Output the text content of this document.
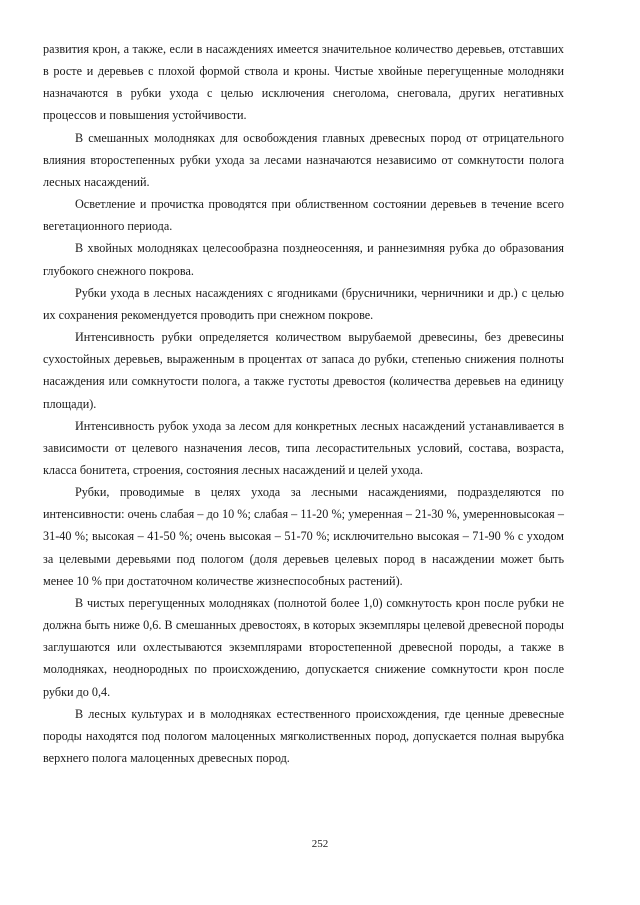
развития крон, а также, если в насаждениях имеется значительное количество деревьев, отставших в росте и деревьев с плохой формой ствола и кроны. Чистые хвойные перегущенные молодняки назначаются в рубки ухода с целью исключения снеголома, снеговала, других негативных процессов и повышения устойчивости.

В смешанных молодняках для освобождения главных древесных пород от отрицательного влияния второстепенных рубки ухода за лесами назначаются независимо от сомкнутости полога лесных насаждений.

Осветление и прочистка проводятся при облиственном состоянии деревьев в течение всего вегетационного периода.

В хвойных молодняках целесообразна позднеосенняя, и раннезимняя рубка до образования глубокого снежного покрова.

Рубки ухода в лесных насаждениях с ягодниками (брусничники, черничники и др.) с целью их сохранения рекомендуется проводить при снежном покрове.

Интенсивность рубки определяется количеством вырубаемой древесины, без древесины сухостойных деревьев, выраженным в процентах от запаса до рубки, степенью снижения полноты насаждения или сомкнутости полога, а также густоты древостоя (количества деревьев на единицу площади).

Интенсивность рубок ухода за лесом для конкретных лесных насаждений устанавливается в зависимости от целевого назначения лесов, типа лесорастительных условий, состава, возраста, класса бонитета, строения, состояния лесных насаждений и целей ухода.

Рубки, проводимые в целях ухода за лесными насаждениями, подразделяются по интенсивности: очень слабая – до 10 %; слабая – 11-20 %; умеренная – 21-30 %, умеренновысокая – 31-40 %; высокая – 41-50 %; очень высокая – 51-70 %; исключительно высокая – 71-90 % с уходом за целевыми деревьями под пологом (доля деревьев целевых пород в насаждении может быть менее 10 % при достаточном количестве жизнеспособных растений).

В чистых перегущенных молодняках (полнотой более 1,0) сомкнутость крон после рубки не должна быть ниже 0,6. В смешанных древостоях, в которых экземпляры целевой древесной породы заглушаются или охлестываются экземплярами второстепенной древесной породы, а также в молодняках, неоднородных по происхождению, допускается снижение сомкнутости крон после рубки до 0,4.

В лесных культурах и в молодняках естественного происхождения, где ценные древесные породы находятся под пологом малоценных мягколиственных пород, допускается полная вырубка верхнего полога малоценных древесных пород.

252
